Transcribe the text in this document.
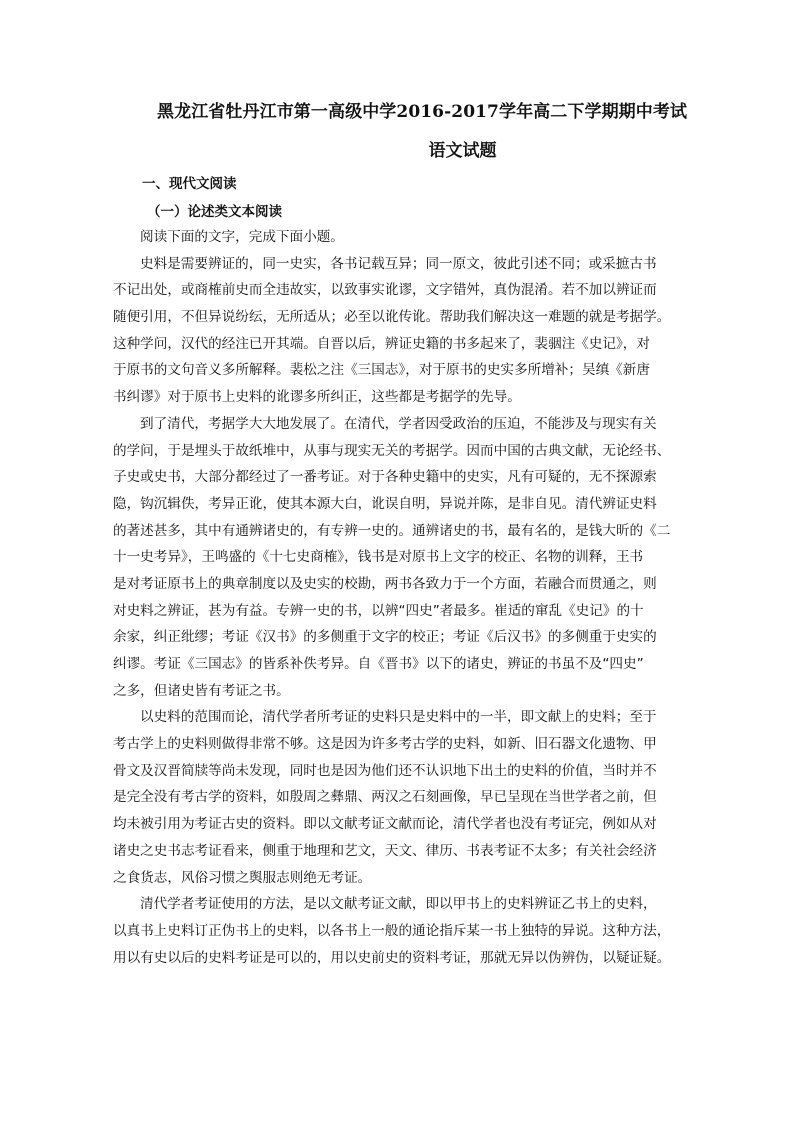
黑龙江省牡丹江市第一高级中学2016-2017学年高二下学期期中考试
语文试题
一、现代文阅读
（一）论述类文本阅读
阅读下面的文字，完成下面小题。
史料是需要辨证的，同一史实，各书记载互异；同一原文，彼此引述不同；或采摭古书
不记出处，或商榷前史而全违故实，以致事实讹谬，文字错舛，真伪混淆。若不加以辨证而
随便引用，不但异说纷纭，无所适从；必至以讹传讹。帮助我们解决这一难题的就是考据学。
这种学问，汉代的经注已开其端。自晋以后，辨证史籍的书多起来了，裴骃注《史记》，对
于原书的文句音义多所解释。裴松之注《三国志》，对于原书的史实多所增补；吴缜《新唐
书纠谬》对于原书上史料的讹谬多所纠正，这些都是考据学的先导。
到了清代，考据学大大地发展了。在清代，学者因受政治的压迫，不能涉及与现实有关
的学问，于是埋头于故纸堆中，从事与现实无关的考据学。因而中国的古典文献，无论经书、
子史或史书，大部分都经过了一番考证。对于各种史籍中的史实，凡有可疑的，无不探源索
隐，钩沉辑佚，考异正讹，使其本源大白，讹误自明，异说并陈，是非自见。清代辨证史料
的著述甚多，其中有通辨诸史的，有专辨一史的。通辨诸史的书，最有名的，是钱大昕的《二
十一史考异》，王鸣盛的《十七史商榷》，钱书是对原书上文字的校正、名物的训释，王书
是对考证原书上的典章制度以及史实的校勘，两书各致力于一个方面，若融合而贯通之，则
对史料之辨证，甚为有益。专辨一史的书，以辨“四史”者最多。崔适的窜乱《史记》的十
余家，纠正纰缪；考证《汉书》的多侧重于文字的校正；考证《后汉书》的多侧重于史实的
纠谬。考证《三国志》的皆系补佚考异。自《晋书》以下的诸史，辨证的书虽不及“四史”
之多，但诸史皆有考证之书。
以史料的范围而论，清代学者所考证的史料只是史料中的一半，即文献上的史料；至于
考古学上的史料则做得非常不够。这是因为许多考古学的史料，如新、旧石器文化遗物、甲
骨文及汉晋简牍等尚未发现，同时也是因为他们还不认识地下出土的史料的价值，当时并不
是完全没有考古学的资料，如殷周之彝鼎、两汉之石刻画像，早已呈现在当世学者之前，但
均未被引用为考证古史的资料。即以文献考证文献而论，清代学者也没有考证完，例如从对
诸史之史书志考证看来，侧重于地理和艺文，天文、律历、书表考证不太多；有关社会经济
之食货志，风俗习惯之舆服志则绝无考证。
清代学者考证使用的方法，是以文献考证文献，即以甲书上的史料辨证乙书上的史料，
以真书上史料订正伪书上的史料，以各书上一般的通论指斥某一书上独特的异说。这种方法，
用以有史以后的史料考证是可以的，用以史前史的资料考证，那就无异以伪辨伪，以疑证疑。
